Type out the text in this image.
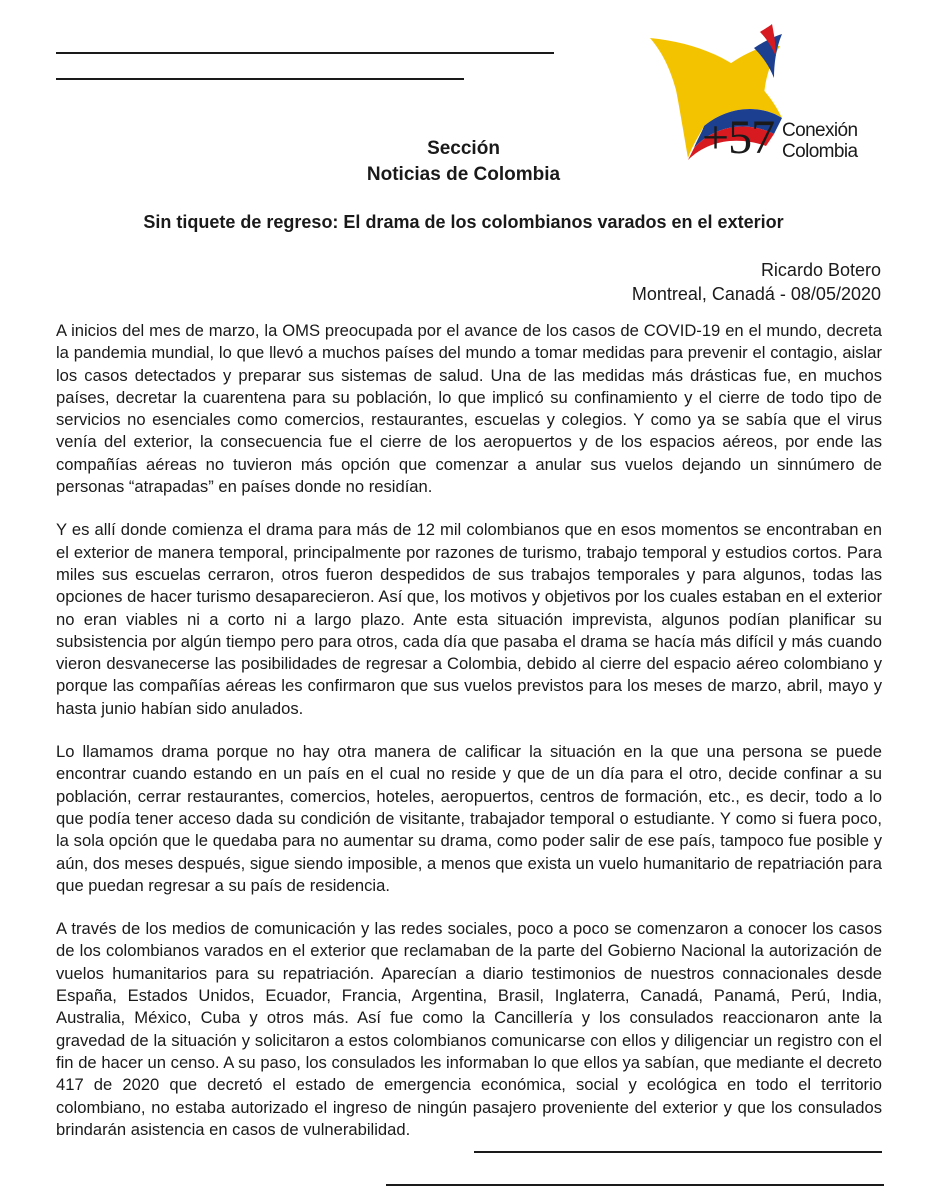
+57 Conexión
Colombia
Sección
Noticias de Colombia
Sin tiquete de regreso: El drama de los colombianos varados en el exterior
Ricardo Botero
Montreal, Canadá - 08/05/2020

A inicios del mes de marzo, la OMS preocupada por el avance de los casos de COVID-19 en el mundo, decreta la pandemia mundial, lo que llevó a muchos países del mundo a tomar medidas para prevenir el contagio, aislar los casos detectados y preparar sus sistemas de salud. Una de las medidas más drásticas fue, en muchos países, decretar la cuarentena para su población, lo que implicó su confinamiento y el cierre de todo tipo de servicios no esenciales como comercios, restaurantes, escuelas y colegios. Y como ya se sabía que el virus venía del exterior, la consecuencia fue el cierre de los aeropuertos y de los espacios aéreos, por ende las compañías aéreas no tuvieron más opción que comenzar a anular sus vuelos dejando un sinnúmero de personas “atrapadas” en países donde no residían.

Y es allí donde comienza el drama para más de 12 mil colombianos que en esos momentos se encontraban en el exterior de manera temporal, principalmente por razones de turismo, trabajo temporal y estudios cortos. Para miles sus escuelas cerraron, otros fueron despedidos de sus trabajos temporales y para algunos, todas las opciones de hacer turismo desaparecieron. Así que, los motivos y objetivos por los cuales estaban en el exterior no eran viables ni a corto ni a largo plazo. Ante esta situación imprevista, algunos podían planificar su subsistencia por algún tiempo pero para otros, cada día que pasaba el drama se hacía más difícil y más cuando vieron desvanecerse las posibilidades de regresar a Colombia, debido al cierre del espacio aéreo colombiano y porque las compañías aéreas les confirmaron que sus vuelos previstos para los meses de marzo, abril, mayo y hasta junio habían sido anulados.

Lo llamamos drama porque no hay otra manera de calificar la situación en la que una persona se puede encontrar cuando estando en un país en el cual no reside y que de un día para el otro, decide confinar a su población, cerrar restaurantes, comercios, hoteles, aeropuertos, centros de formación, etc., es decir, todo a lo que podía tener acceso dada su condición de visitante, trabajador temporal o estudiante. Y como si fuera poco, la sola opción que le quedaba para no aumentar su drama, como poder salir de ese país, tampoco fue posible y aún, dos meses después, sigue siendo imposible, a menos que exista un vuelo humanitario de repatriación para que puedan regresar a su país de residencia.

A través de los medios de comunicación y las redes sociales, poco a poco se comenzaron a conocer los casos de los colombianos varados en el exterior que reclamaban de la parte del Gobierno Nacional la autorización de vuelos humanitarios para su repatriación. Aparecían a diario testimonios de nuestros connacionales desde España, Estados Unidos, Ecuador, Francia, Argentina, Brasil, Inglaterra, Canadá, Panamá, Perú, India, Australia, México, Cuba y otros más. Así fue como la Cancillería y los consulados reaccionaron ante la gravedad de la situación y solicitaron a estos colombianos comunicarse con ellos y diligenciar un registro con el fin de hacer un censo. A su paso, los consulados les informaban lo que ellos ya sabían, que mediante el decreto 417 de 2020 que decretó el estado de emergencia económica, social y ecológica en todo el territorio colombiano, no estaba autorizado el ingreso de ningún pasajero proveniente del exterior y que los consulados brindarán asistencia en casos de vulnerabilidad.
